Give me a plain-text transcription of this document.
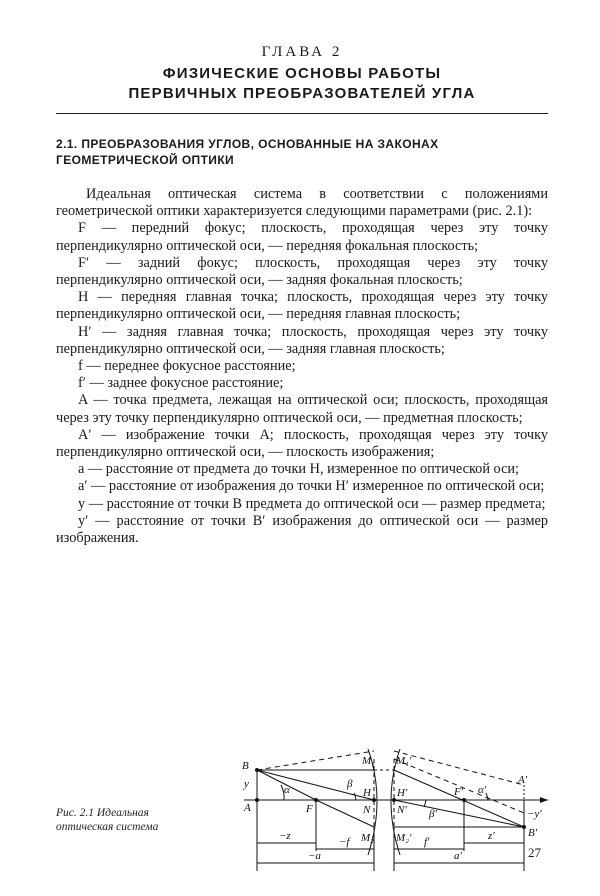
ГЛАВА 2
ФИЗИЧЕСКИЕ ОСНОВЫ РАБОТЫ
ПЕРВИЧНЫХ ПРЕОБРАЗОВАТЕЛЕЙ УГЛА
2.1. ПРЕОБРАЗОВАНИЯ УГЛОВ, ОСНОВАННЫЕ НА ЗАКОНАХ
ГЕОМЕТРИЧЕСКОЙ ОПТИКИ

Идеальная оптическая система в соответствии с положениями геометрической оптики характеризуется следующими параметрами (рис. 2.1):

F — передний фокус; плоскость, проходящая через эту точку перпендикулярно оптической оси, — передняя фокальная плоскость;

F′ — задний фокус; плоскость, проходящая через эту точку перпендикулярно оптической оси, — задняя фокальная плоскость;

H — передняя главная точка; плоскость, проходящая через эту точку перпендикулярно оптической оси, — передняя главная плоскость;

H′ — задняя главная точка; плоскость, проходящая через эту точку перпендикулярно оптической оси, — задняя главная плоскость;

f — переднее фокусное расстояние;

f′ — заднее фокусное расстояние;

A — точка предмета, лежащая на оптической оси; плоскость, проходящая через эту точку перпендикулярно оптической оси, — предметная плоскость;

A′ — изображение точки A; плоскость, проходящая через эту точку перпендикулярно оптической оси, — плоскость изображения;

a — расстояние от предмета до точки H, измеренное по оптической оси;

a′ — расстояние от изображения до точки H′ измеренное по оптической оси;

y — расстояние от точки B предмета до оптической оси — размер предмета;

y′ — расстояние от точки B′ изображения до оптической оси — размер изображения.

Рис. 2.1 Идеальная оптическая система
B
y	α
A	F
β
H
N
M₁
M₂
M₁′
M₂′
H′
N′ β′
F′ α′
A′
−y′
B′
−z	−f
−a
f′	z′
a′	27
